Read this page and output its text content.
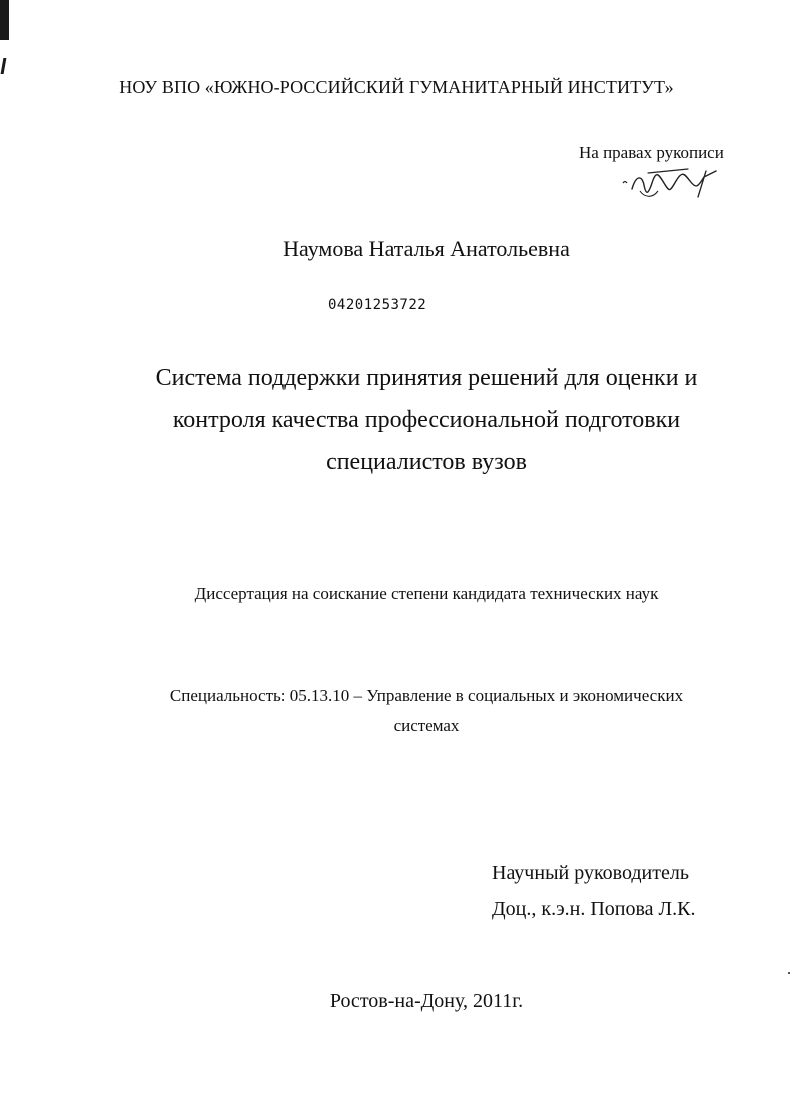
НОУ ВПО «ЮЖНО-РОССИЙСКИЙ ГУМАНИТАРНЫЙ ИНСТИТУТ»
На правах рукописи
Наумова Наталья Анатольевна
04201253722
Система поддержки принятия решений для оценки и
контроля качества профессиональной подготовки
специалистов вузов
Диссертация на соискание степени кандидата технических наук
Специальность: 05.13.10 – Управление в социальных и экономических
системах
Научный руководитель
Доц., к.э.н. Попова Л.К.
Ростов-на-Дону, 2011г.
